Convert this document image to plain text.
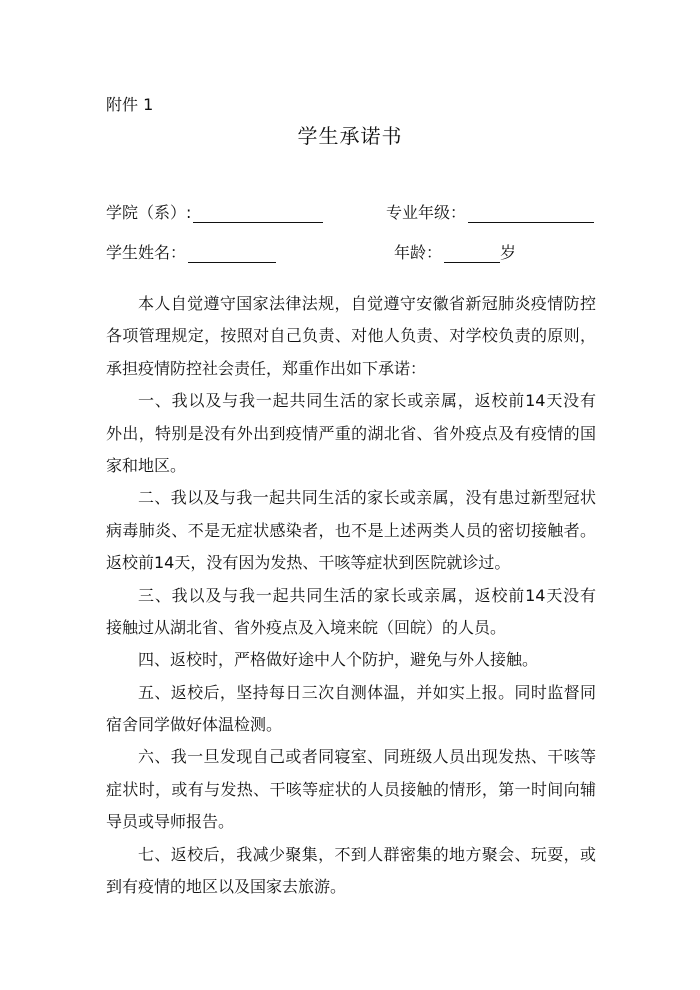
附件 1
学生承诺书
学院（系）:	专业年级：
学生姓名：	年龄：	岁
本人自觉遵守国家法律法规，自觉遵守安徽省新冠肺炎疫情防控
各项管理规定，按照对自己负责、对他人负责、对学校负责的原则，
承担疫情防控社会责任，郑重作出如下承诺：
一、我以及与我一起共同生活的家长或亲属，返校前14天没有
外出，特别是没有外出到疫情严重的湖北省、省外疫点及有疫情的国
家和地区。
二、我以及与我一起共同生活的家长或亲属，没有患过新型冠状
病毒肺炎、不是无症状感染者，也不是上述两类人员的密切接触者。
返校前14天，没有因为发热、干咳等症状到医院就诊过。
三、我以及与我一起共同生活的家长或亲属，返校前14天没有
接触过从湖北省、省外疫点及入境来皖（回皖）的人员。
四、返校时，严格做好途中人个防护，避免与外人接触。
五、返校后，坚持每日三次自测体温，并如实上报。同时监督同
宿舍同学做好体温检测。
六、我一旦发现自己或者同寝室、同班级人员出现发热、干咳等
症状时，或有与发热、干咳等症状的人员接触的情形，第一时间向辅
导员或导师报告。
七、返校后，我减少聚集，不到人群密集的地方聚会、玩耍，或
到有疫情的地区以及国家去旅游。
